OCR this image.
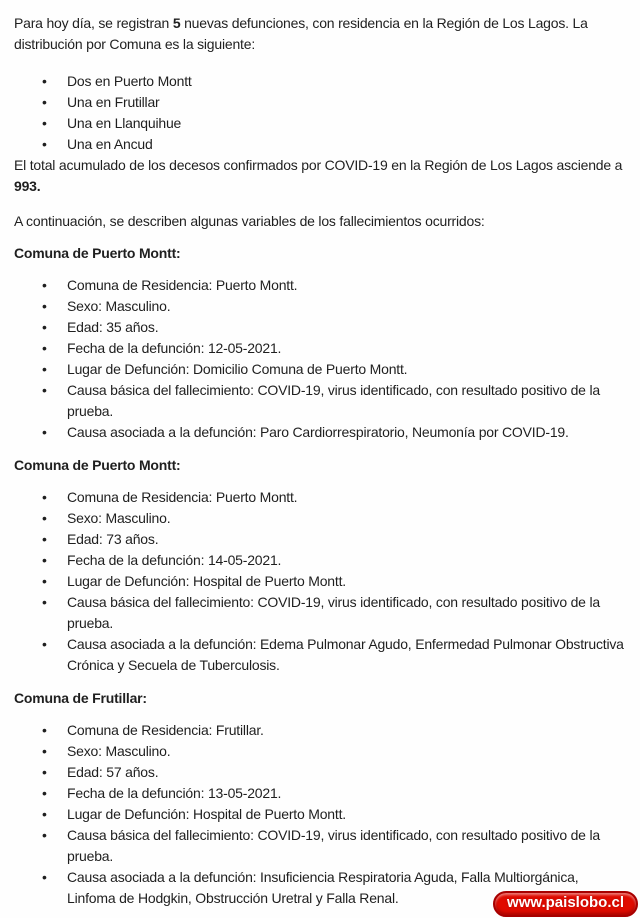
Para hoy día, se registran 5 nuevas defunciones, con residencia en la Región de Los Lagos. La distribución por Comuna es la siguiente:

• Dos en Puerto Montt
• Una en Frutillar
• Una en Llanquihue
• Una en Ancud

El total acumulado de los decesos confirmados por COVID-19 en la Región de Los Lagos asciende a 993.

A continuación, se describen algunas variables de los fallecimientos ocurridos:

Comuna de Puerto Montt:
• Comuna de Residencia: Puerto Montt.
• Sexo: Masculino.
• Edad: 35 años.
• Fecha de la defunción: 12-05-2021.
• Lugar de Defunción: Domicilio Comuna de Puerto Montt.
• Causa básica del fallecimiento: COVID-19, virus identificado, con resultado positivo de la prueba.
• Causa asociada a la defunción: Paro Cardiorrespiratorio, Neumonía por COVID-19.
Comuna de Puerto Montt:
• Comuna de Residencia: Puerto Montt.
• Sexo: Masculino.
• Edad: 73 años.
• Fecha de la defunción: 14-05-2021.
• Lugar de Defunción: Hospital de Puerto Montt.
• Causa básica del fallecimiento: COVID-19, virus identificado, con resultado positivo de la prueba.
• Causa asociada a la defunción: Edema Pulmonar Agudo, Enfermedad Pulmonar Obstructiva Crónica y Secuela de Tuberculosis.
Comuna de Frutillar:
• Comuna de Residencia: Frutillar.
• Sexo: Masculino.
• Edad: 57 años.
• Fecha de la defunción: 13-05-2021.
• Lugar de Defunción: Hospital de Puerto Montt.
• Causa básica del fallecimiento: COVID-19, virus identificado, con resultado positivo de la prueba.
• Causa asociada a la defunción: Insuficiencia Respiratoria Aguda, Falla Multiorgánica, Linfoma de Hodgkin, Obstrucción Uretral y Falla Renal.	www.paislobo.cl
